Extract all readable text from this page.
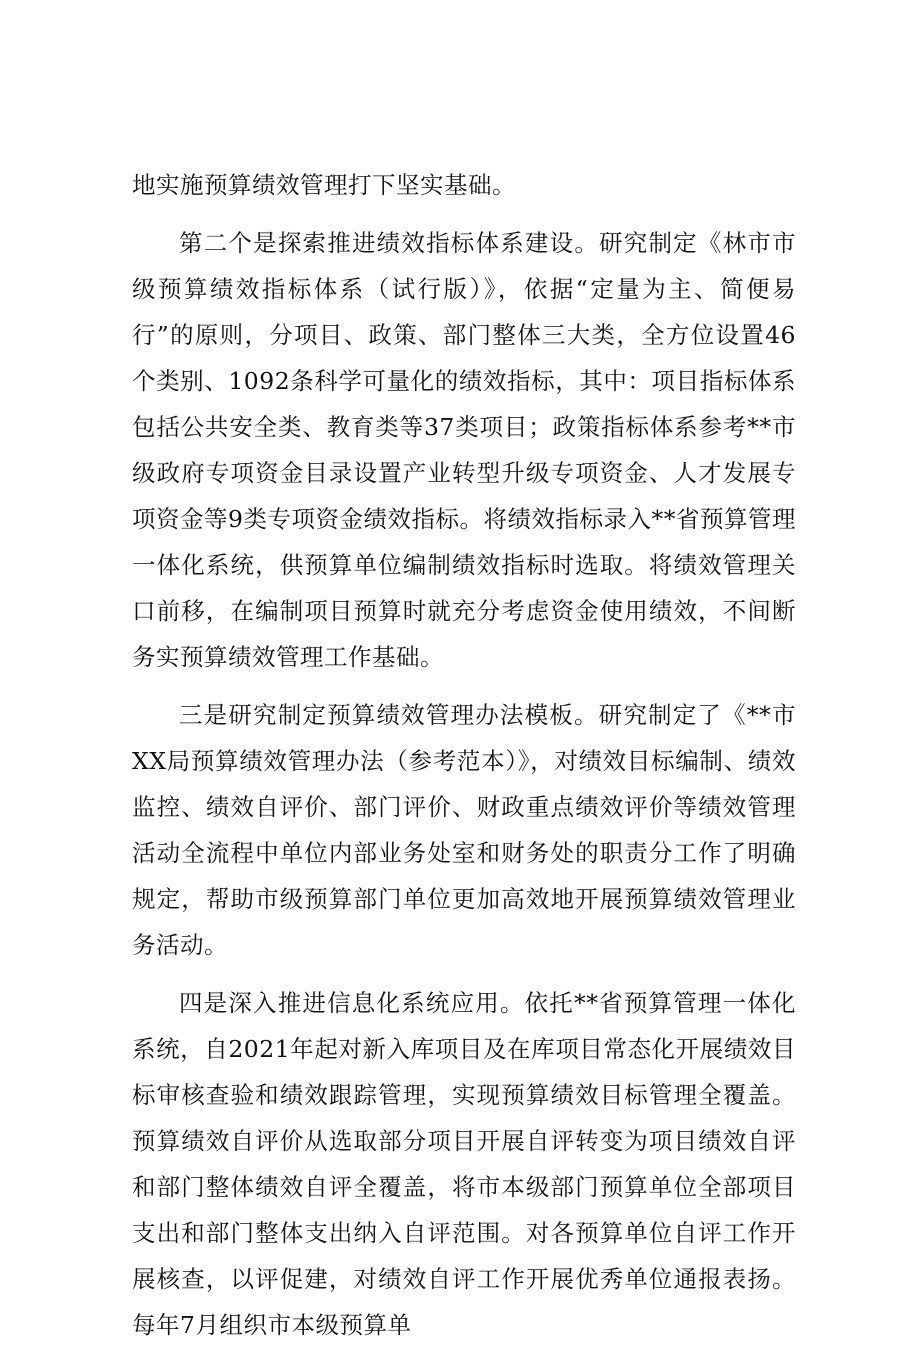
地实施预算绩效管理打下坚实基础。

第二个是探索推进绩效指标体系建设。研究制定《林市市级预算绩效指标体系（试行版）》，依据“定量为主、简便易行”的原则，分项目、政策、部门整体三大类，全方位设置46个类别、1092条科学可量化的绩效指标，其中：项目指标体系包括公共安全类、教育类等37类项目；政策指标体系参考**市级政府专项资金目录设置产业转型升级专项资金、人才发展专项资金等9类专项资金绩效指标。将绩效指标录入**省预算管理一体化系统，供预算单位编制绩效指标时选取。将绩效管理关口前移，在编制项目预算时就充分考虑资金使用绩效，不间断务实预算绩效管理工作基础。

三是研究制定预算绩效管理办法模板。研究制定了《**市XX局预算绩效管理办法（参考范本）》，对绩效目标编制、绩效监控、绩效自评价、部门评价、财政重点绩效评价等绩效管理活动全流程中单位内部业务处室和财务处的职责分工作了明确规定，帮助市级预算部门单位更加高效地开展预算绩效管理业务活动。

四是深入推进信息化系统应用。依托**省预算管理一体化系统，自2021年起对新入库项目及在库项目常态化开展绩效目标审核查验和绩效跟踪管理，实现预算绩效目标管理全覆盖。预算绩效自评价从选取部分项目开展自评转变为项目绩效自评和部门整体绩效自评全覆盖，将市本级部门预算单位全部项目支出和部门整体支出纳入自评范围。对各预算单位自评工作开展核查，以评促建，对绩效自评工作开展优秀单位通报表扬。每年7月组织市本级预算单
